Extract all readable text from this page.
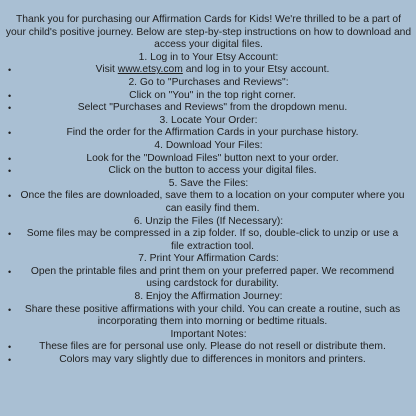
Thank you for purchasing our Affirmation Cards for Kids! We're thrilled to be a part of your child's positive journey. Below are step-by-step instructions on how to download and access your digital files.

1. Log in to Your Etsy Account:
•	Visit www.etsy.com and log in to your Etsy account.
2. Go to "Purchases and Reviews":
•	Click on "You" in the top right corner.
•	Select "Purchases and Reviews" from the dropdown menu.
3. Locate Your Order:
•	Find the order for the Affirmation Cards in your purchase history.
4. Download Your Files:
•	Look for the "Download Files" button next to your order.
•	Click on the button to access your digital files.
5. Save the Files:
• Once the files are downloaded, save them to a location on your computer where you can easily find them.
6. Unzip the Files (If Necessary):
• Some files may be compressed in a zip folder. If so, double-click to unzip or use a file extraction tool.
7. Print Your Affirmation Cards:
• Open the printable files and print them on your preferred paper. We recommend using cardstock for durability.
8. Enjoy the Affirmation Journey:
• Share these positive affirmations with your child. You can create a routine, such as incorporating them into morning or bedtime rituals.
Important Notes:
•	These files are for personal use only. Please do not resell or distribute them.
•	Colors may vary slightly due to differences in monitors and printers.
